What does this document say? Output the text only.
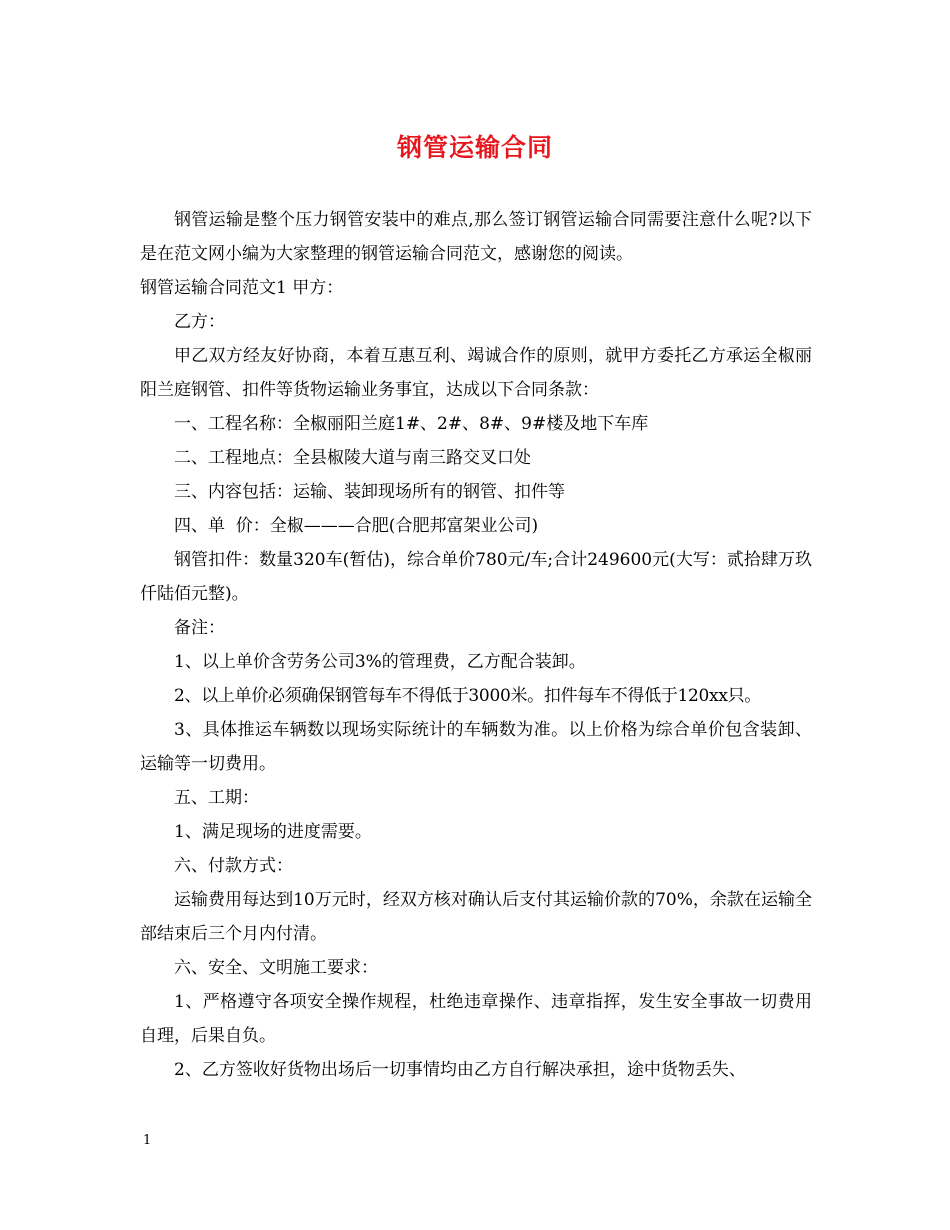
钢管运输合同

钢管运输是整个压力钢管安装中的难点,那么签订钢管运输合同需要注意什么呢?以下是在范文网小编为大家整理的钢管运输合同范文，感谢您的阅读。

钢管运输合同范文1 甲方：

乙方：

甲乙双方经友好协商，本着互惠互利、竭诚合作的原则，就甲方委托乙方承运全椒丽阳兰庭钢管、扣件等货物运输业务事宜，达成以下合同条款：

一、工程名称：全椒丽阳兰庭1#、2#、8#、9#楼及地下车库

二、工程地点：全县椒陵大道与南三路交叉口处

三、内容包括：运输、装卸现场所有的钢管、扣件等

四、单  价：全椒———合肥(合肥邦富架业公司)

钢管扣件：数量320车(暂估)，综合单价780元/车;合计249600元(大写：贰拾肆万玖仟陆佰元整)。

备注：

1、以上单价含劳务公司3%的管理费，乙方配合装卸。

2、以上单价必须确保钢管每车不得低于3000米。扣件每车不得低于120xx只。

3、具体推运车辆数以现场实际统计的车辆数为准。以上价格为综合单价包含装卸、运输等一切费用。

五、工期：

1、满足现场的进度需要。

六、付款方式：

运输费用每达到10万元时，经双方核对确认后支付其运输价款的70%，余款在运输全部结束后三个月内付清。

六、安全、文明施工要求：

1、严格遵守各项安全操作规程，杜绝违章操作、违章指挥，发生安全事故一切费用自理，后果自负。

2、乙方签收好货物出场后一切事情均由乙方自行解决承担，途中货物丢失、

1
